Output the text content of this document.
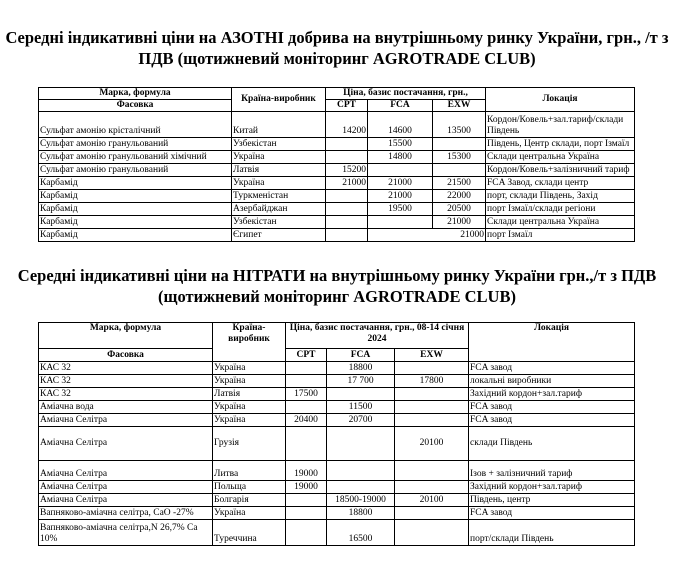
Середні індикативні ціни на АЗОТНІ добрива на внутрішньому ринку України, грн., /т з ПДВ (щотижневий моніторинг AGROTRADE CLUB)
Марка, формула	Країна-виробник	Ціна, базис постачання, грн.,			Локація
Фасовка		CPT	FCA	EXW	
Сульфат амонію крісталічний	Китай	14200	14600	13500	Кордон/Ковель+зал.тариф/склади Південь
Сульфат амонію гранульований	Узбекістан		15500		Південь, Центр склади, порт Ізмаїл
Сульфат амонію гранульований хімічний	Україна		14800	15300	Склади центральна Україна
Сульфат амонію гранульований	Латвія	15200			Кордон/Ковель+залізничний тариф
Карбамід	Україна	21000	21000	21500	FCA Завод, склади центр
Карбамід	Туркменістан		21000	22000	порт, склади Південь, Захід
Карбамід	Азербайджан		19500	20500	порт Ізмаїл/склади регіони
Карбамід	Узбекістан			21000	Склади центральна Україна
Карбамід	Єгипет		21000		порт Ізмаїл
Середні індикативні ціни на НІТРАТИ на внутрішньому ринку України грн.,/т з ПДВ (щотижневий моніторинг AGROTRADE CLUB)
Марка, формула	Країна-виробник	Ціна, базис постачання, грн., 08-14 січня 2024			Локація
Фасовка		CPT	FCA	EXW	
КАС 32	Україна		18800		FCA завод
КАС 32	Україна		17 700	17800	локальні виробники
КАС 32	Латвія	17500			Західний кордон+зал.тариф
Аміачна вода	Україна		11500		FCA завод
Аміачна Селітра	Україна	20400	20700		FCA завод
Аміачна Селітра	Грузія			20100	склади Південь
Аміачна Селітра	Литва	19000			Ізов + залізничний тариф
Аміачна Селітра	Польща	19000			Західний кордон+зал.тариф
Аміачна Селітра	Болгарія		18500-19000	20100	Південь, центр
Вапняково-аміачна селітра, CaO -27%	Україна		18800		FCA завод
Вапняково-аміачна селітра,N 26,7% Ca 10%	Туреччина		16500		порт/склади Південь
